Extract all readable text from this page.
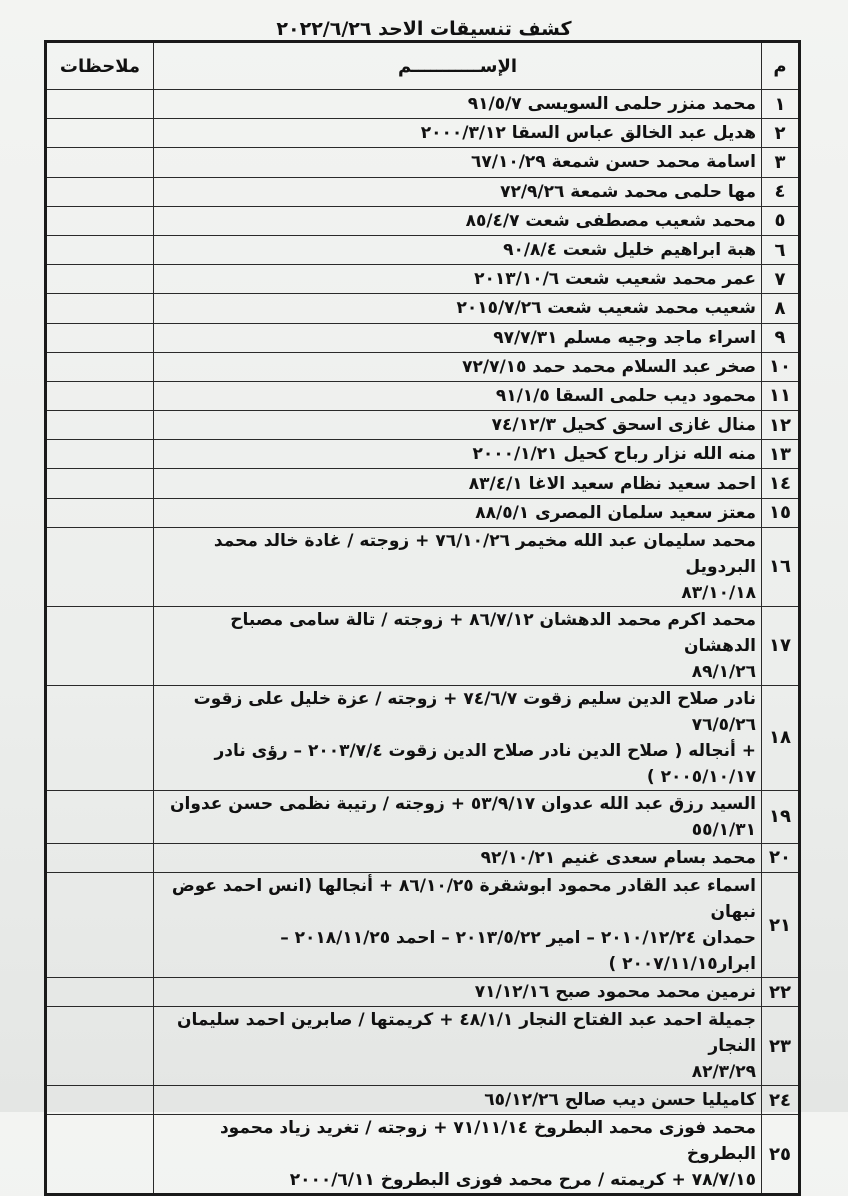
كشف تنسيقات الاحد ٢٠٢٢/٦/٢٦
م	الإســـــــــــم	ملاحظات
١	محمد منزر حلمى السويسى ٩١/٥/٧	
٢	هديل عبد الخالق عباس السقا ٢٠٠٠/٣/١٢	
٣	اسامة محمد حسن شمعة ٦٧/١٠/٢٩	
٤	مها حلمى محمد شمعة ٧٢/٩/٢٦	
٥	محمد شعيب مصطفى شعت ٨٥/٤/٧	
٦	هبة ابراهيم خليل شعت ٩٠/٨/٤	
٧	عمر محمد شعيب شعت ٢٠١٣/١٠/٦	
٨	شعيب محمد شعيب شعت ٢٠١٥/٧/٢٦	
٩	اسراء ماجد وجيه مسلم ٩٧/٧/٣١	
١٠	صخر عبد السلام محمد حمد ٧٢/٧/١٥	
١١	محمود ديب حلمى السقا ٩١/١/٥	
١٢	منال غازى اسحق كحيل ٧٤/١٢/٣	
١٣	منه الله نزار رباح كحيل ٢٠٠٠/١/٢١	
١٤	احمد سعيد نظام سعيد الاغا ٨٣/٤/١	
١٥	معتز سعيد سلمان المصرى ٨٨/٥/١	
١٦	محمد سليمان عبد الله مخيمر ٧٦/١٠/٢٦ + زوجته / غادة خالد محمد البردويل
٨٣/١٠/١٨	
١٧	محمد اكرم محمد الدهشان ٨٦/٧/١٢ + زوجته / تالة سامى مصباح الدهشان
٨٩/١/٢٦	
١٨	نادر صلاح الدين سليم زقوت ٧٤/٦/٧ + زوجته / عزة خليل على زقوت ٧٦/٥/٢٦
+ أنجاله ( صلاح الدين نادر صلاح الدين زقوت ٢٠٠٣/٧/٤ – رؤى نادر
٢٠٠٥/١٠/١٧ )	
١٩	السيد رزق عبد الله عدوان ٥٣/٩/١٧ + زوجته / رتيبة نظمى حسن عدوان
٥٥/١/٣١	
٢٠	محمد بسام سعدى غنيم ٩٢/١٠/٢١	
٢١	اسماء عبد القادر محمود ابوشقرة ٨٦/١٠/٢٥ + أنجالها (انس احمد عوض نبهان
حمدان ٢٠١٠/١٢/٢٤ – امير ٢٠١٣/٥/٢٢ – احمد ٢٠١٨/١١/٢٥ –
ابرار٢٠٠٧/١١/١٥ )	
٢٢	نرمين محمد محمود صبح ٧١/١٢/١٦	
٢٣	جميلة احمد عبد الفتاح النجار ٤٨/١/١ + كريمتها / صابرين احمد سليمان النجار
٨٢/٣/٢٩	
٢٤	كاميليا حسن ديب صالح ٦٥/١٢/٢٦	
٢٥	محمد فوزى محمد البطروخ ٧١/١١/١٤ + زوجته / تغريد زياد محمود البطروخ
٧٨/٧/١٥ + كريمته / مرح محمد فوزى البطروخ ٢٠٠٠/٦/١١	
